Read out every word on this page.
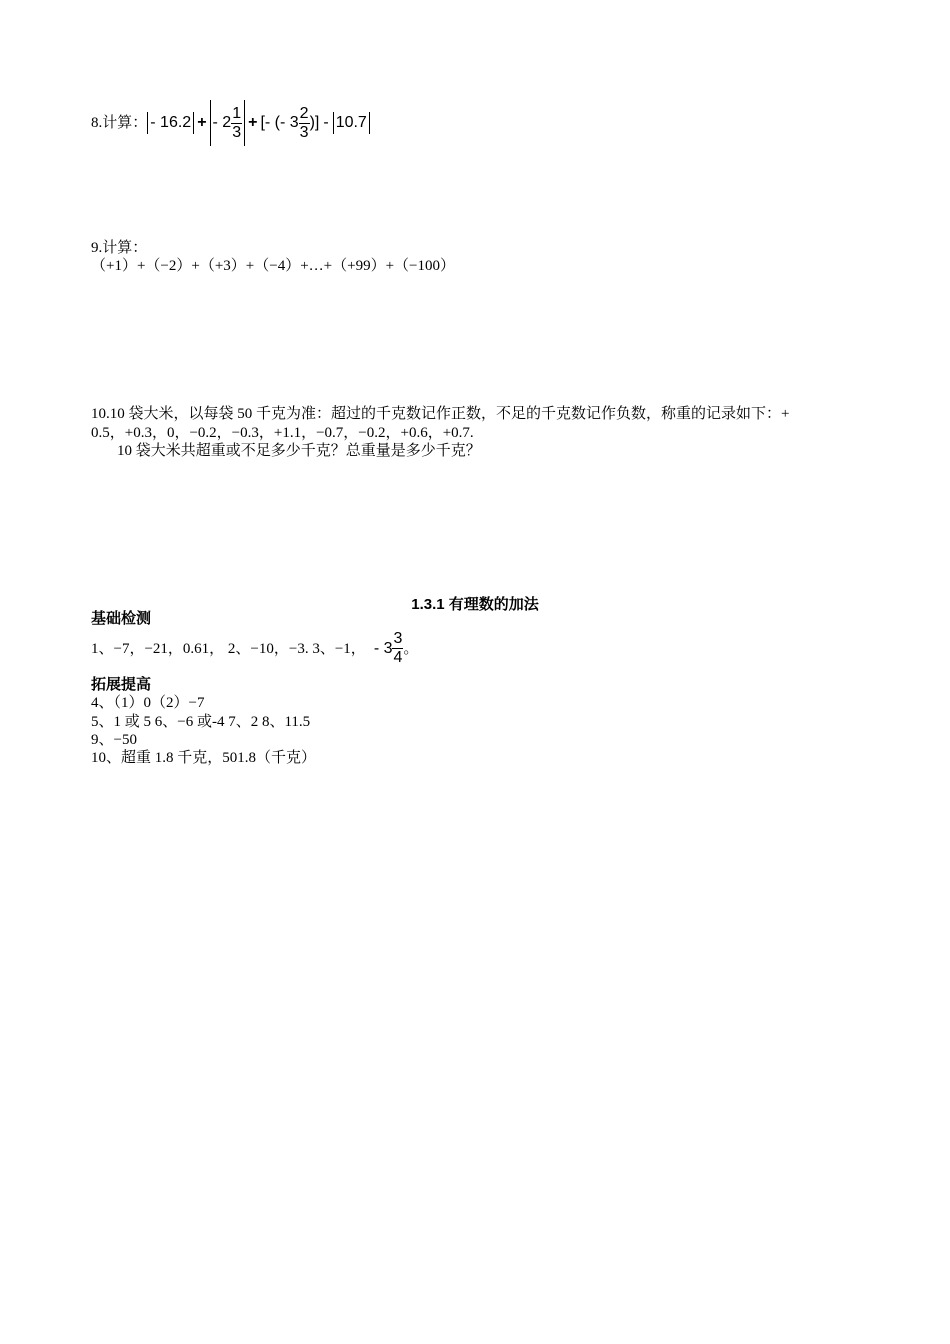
8.计算： - 16.2 + - $2 \frac{1}{3}$ + [- (- $3 \frac{2}{3}$ )] - 10.7
9.计算：
（+1）+（−2）+（+3）+（−4）+…+（+99）+（−100）
10.10 袋大米，以每袋 50 千克为准：超过的千克数记作正数，不足的千克数记作负数，称重的记录如下：+
0.5，+0.3，0，−0.2，−0.3，+1.1，−0.7，−0.2，+0.6，+0.7.
10 袋大米共超重或不足多少千克？总重量是多少千克？
1.3.1 有理数的加法
基础检测
1、−7，−21，0.61， 2、−10，−3. 3、−1， - $3 \frac{3}{4}$ 。
拓展提高
4、（1）0（2）−7
5、1 或 5 6、−6 或-4 7、2 8、11.5
9、−50
10、超重 1.8 千克，501.8（千克）
